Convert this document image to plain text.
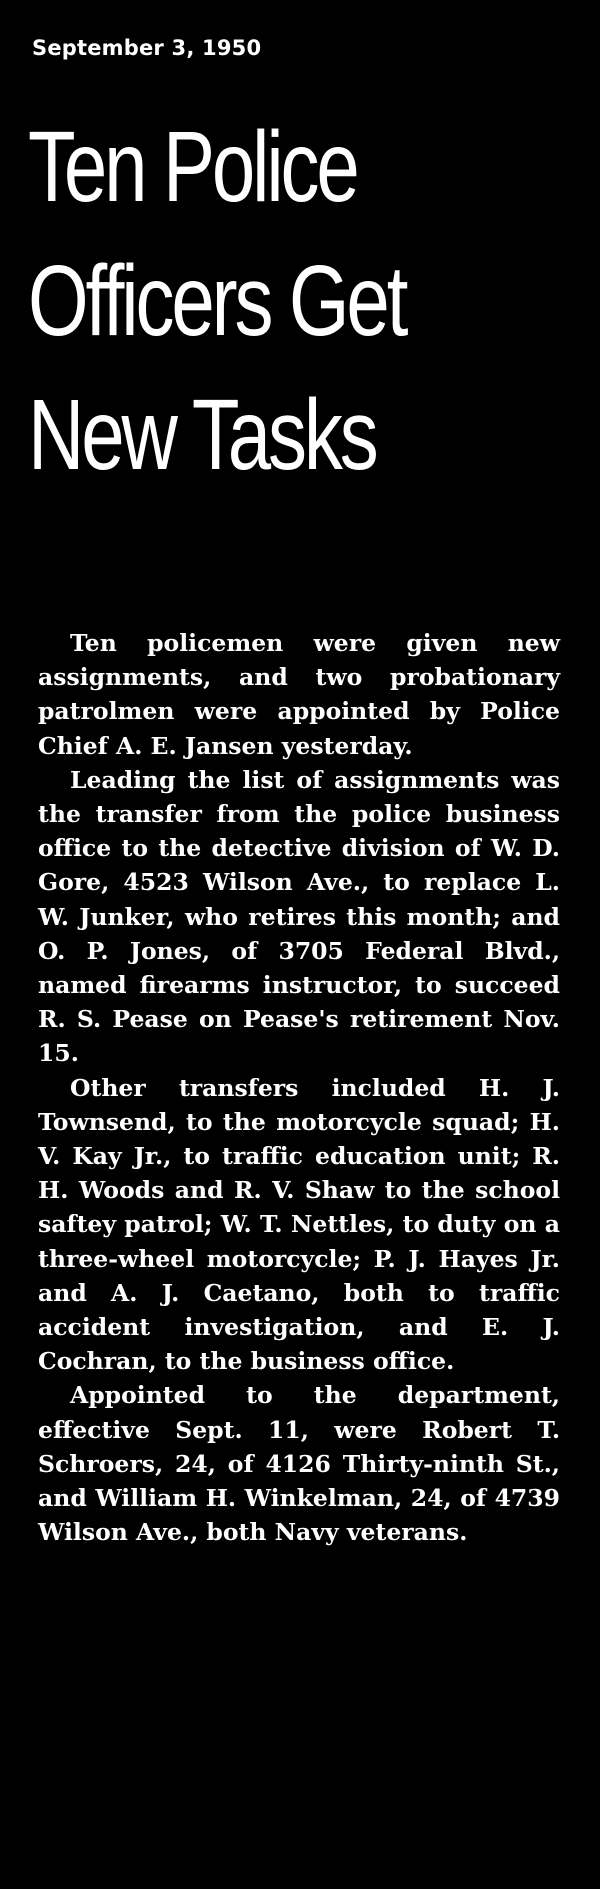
September 3, 1950
Ten Police
Officers Get
New Tasks

Ten policemen were given new assignments, and two probationary patrolmen were appointed by Police Chief A. E. Jansen yesterday.

Leading the list of assignments was the transfer from the police business office to the detective division of W. D. Gore, 4523 Wilson Ave., to replace L. W. Junker, who retires this month; and O. P. Jones, of 3705 Federal Blvd., named firearms instructor, to succeed R. S. Pease on Pease's retirement Nov. 15.

Other transfers included H. J. Townsend, to the motorcycle squad; H. V. Kay Jr., to traffic education unit; R. H. Woods and R. V. Shaw to the school saftey patrol; W. T. Nettles, to duty on a three-wheel motorcycle; P. J. Hayes Jr. and A. J. Caetano, both to traffic accident investigation, and E. J. Cochran, to the business office.

Appointed to the department, effective Sept. 11, were Robert T. Schroers, 24, of 4126 Thirty-ninth St., and William H. Winkelman, 24, of 4739 Wilson Ave., both Navy veterans.
